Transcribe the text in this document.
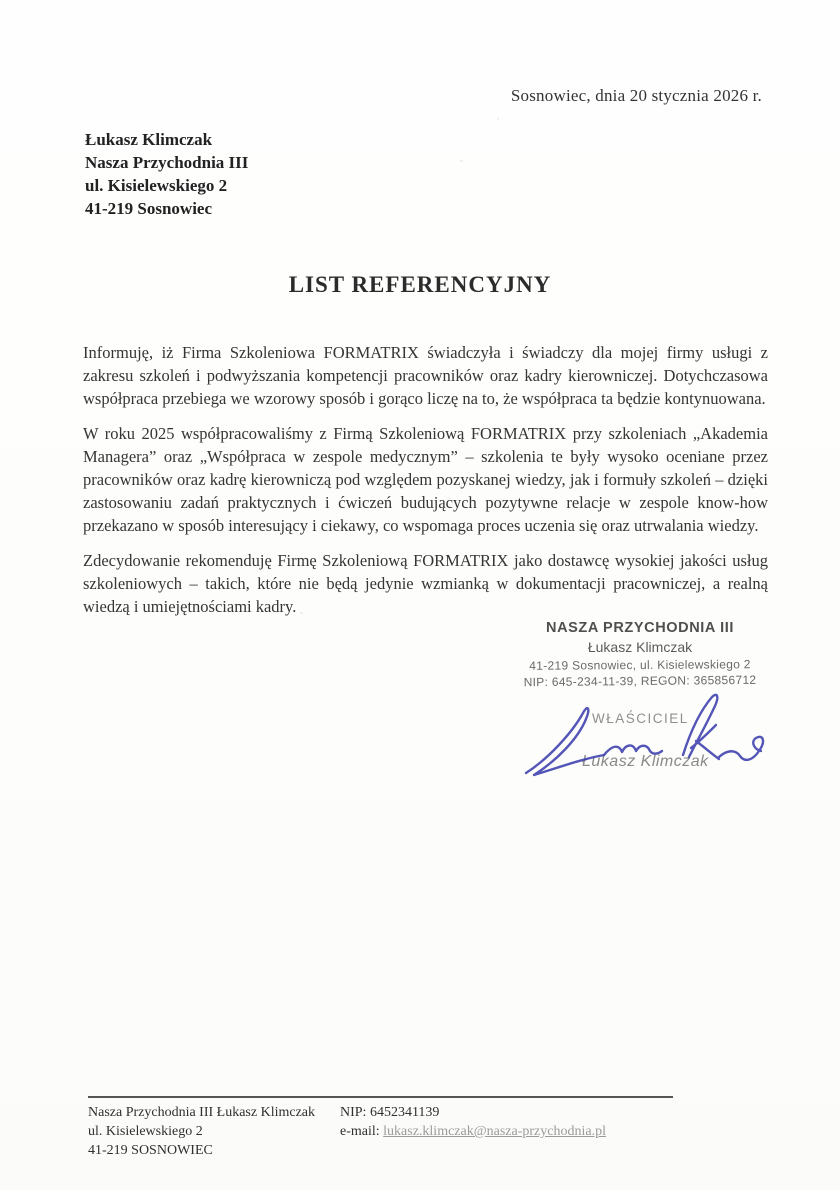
Sosnowiec, dnia 20 stycznia 2026 r.
Łukasz Klimczak
Nasza Przychodnia III
ul. Kisielewskiego 2
41-219 Sosnowiec
LIST REFERENCYJNY

Informuję, iż Firma Szkoleniowa FORMATRIX świadczyła i świadczy dla mojej firmy usługi z zakresu szkoleń i podwyższania kompetencji pracowników oraz kadry kierowniczej. Dotychczasowa współpraca przebiega we wzorowy sposób i gorąco liczę na to, że współpraca ta będzie kontynuowana.

W roku 2025 współpracowaliśmy z Firmą Szkoleniową FORMATRIX przy szkoleniach „Akademia Managera” oraz „Współpraca w zespole medycznym” – szkolenia te były wysoko oceniane przez pracowników oraz kadrę kierowniczą pod względem pozyskanej wiedzy, jak i formuły szkoleń – dzięki zastosowaniu zadań praktycznych i ćwiczeń budujących pozytywne relacje w zespole know-how przekazano w sposób interesujący i ciekawy, co wspomaga proces uczenia się oraz utrwalania wiedzy.

Zdecydowanie rekomenduję Firmę Szkoleniową FORMATRIX jako dostawcę wysokiej jakości usług szkoleniowych – takich, które nie będą jedynie wzmianką w dokumentacji pracowniczej, a realną wiedzą i umiejętnościami kadry.

NASZA PRZYCHODNIA III
Łukasz Klimczak
41-219 Sosnowiec, ul. Kisielewskiego 2
NIP: 645-234-11-39, REGON: 365856712
WŁAŚCICIEL
Łukasz Klimczak
Nasza Przychodnia III Łukasz Klimczak
ul. Kisielewskiego 2
41-219 SOSNOWIEC
NIP: 6452341139
e-mail: lukasz.klimczak@nasza-przychodnia.pl
